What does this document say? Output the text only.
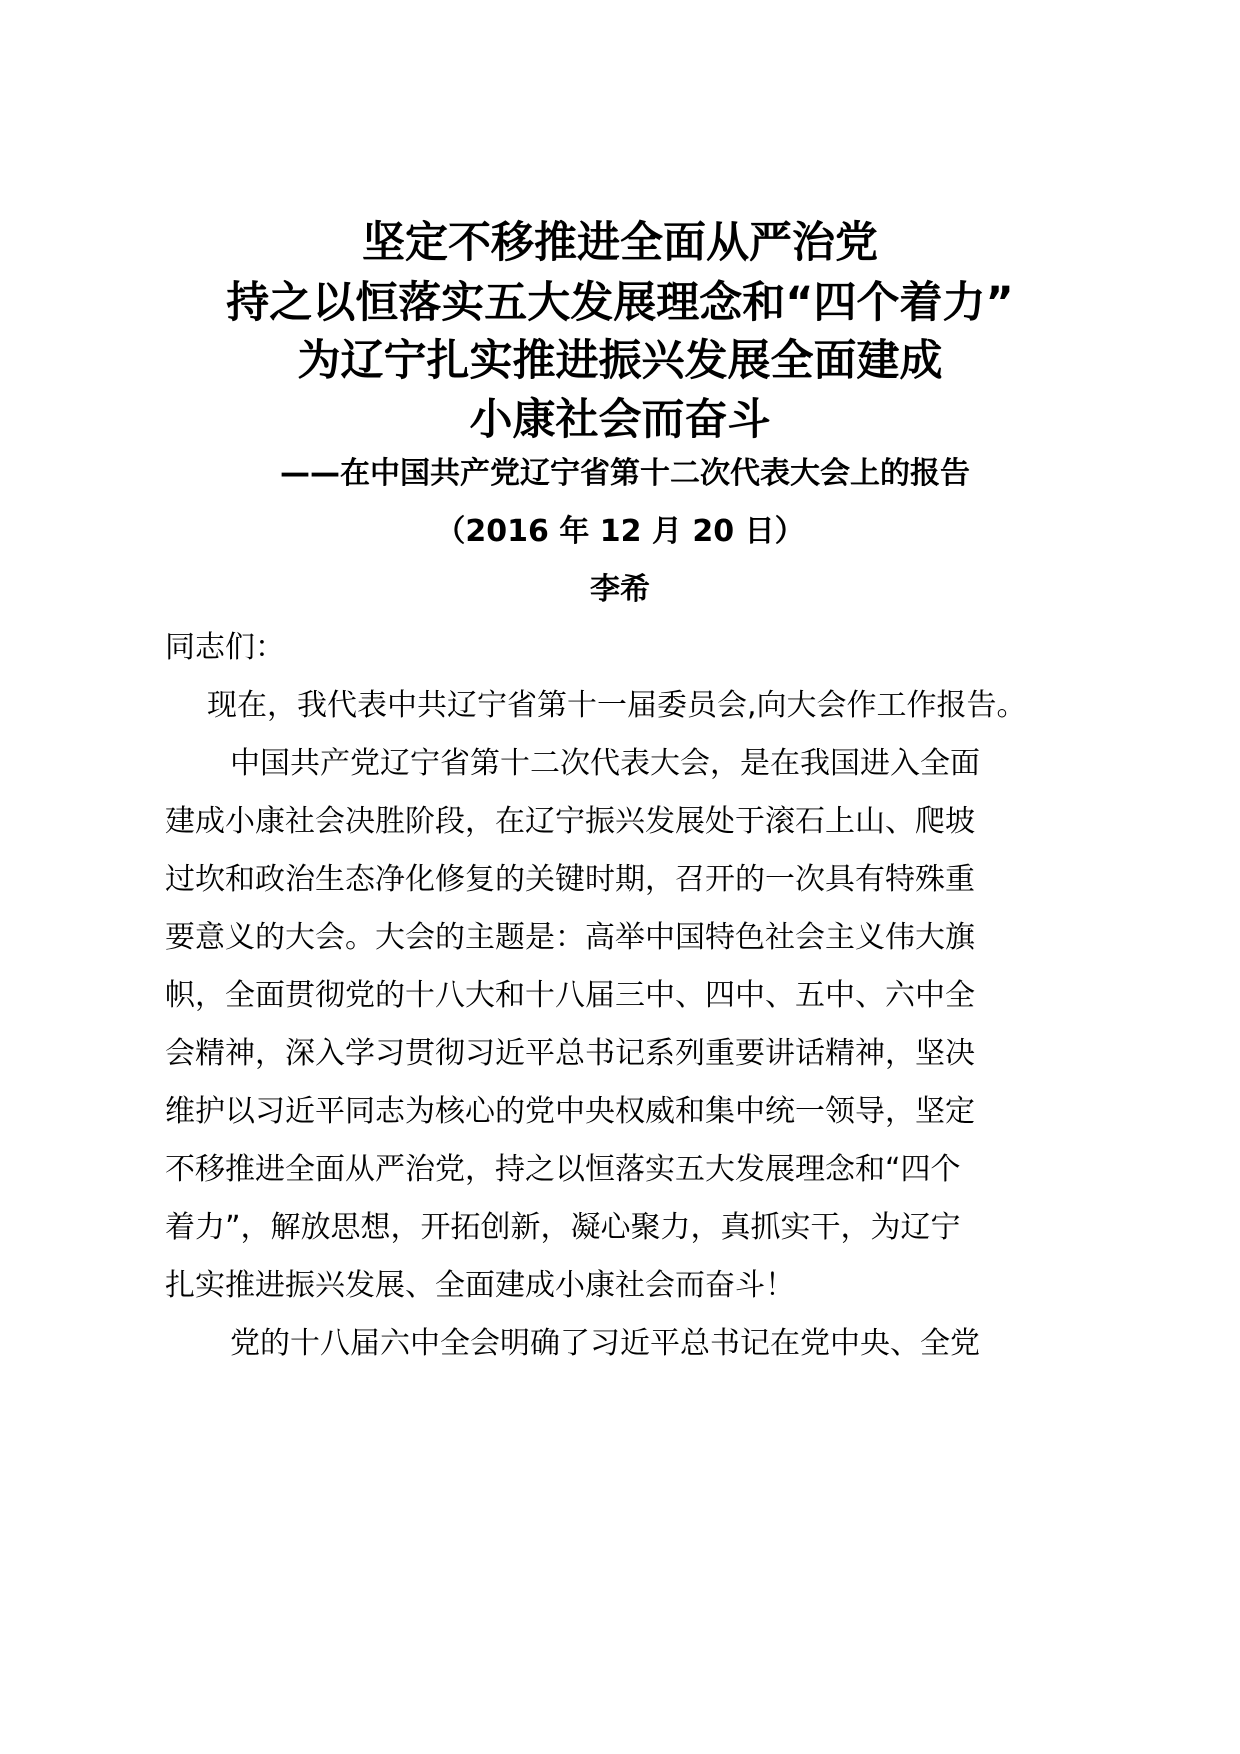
坚定不移推进全面从严治党
持之以恒落实五大发展理念和“四个着力”
为辽宁扎实推进振兴发展全面建成
小康社会而奋斗
——在中国共产党辽宁省第十二次代表大会上的报告
（2016 年 12 月 20 日）
李希
同志们：
现在，我代表中共辽宁省第十一届委员会,向大会作工作报告。
中国共产党辽宁省第十二次代表大会，是在我国进入全面
建成小康社会决胜阶段，在辽宁振兴发展处于滚石上山、爬坡
过坎和政治生态净化修复的关键时期，召开的一次具有特殊重
要意义的大会。大会的主题是：高举中国特色社会主义伟大旗
帜，全面贯彻党的十八大和十八届三中、四中、五中、六中全
会精神，深入学习贯彻习近平总书记系列重要讲话精神，坚决
维护以习近平同志为核心的党中央权威和集中统一领导，坚定
不移推进全面从严治党，持之以恒落实五大发展理念和“四个
着力”，解放思想，开拓创新，凝心聚力，真抓实干，为辽宁
扎实推进振兴发展、全面建成小康社会而奋斗！
党的十八届六中全会明确了习近平总书记在党中央、全党
